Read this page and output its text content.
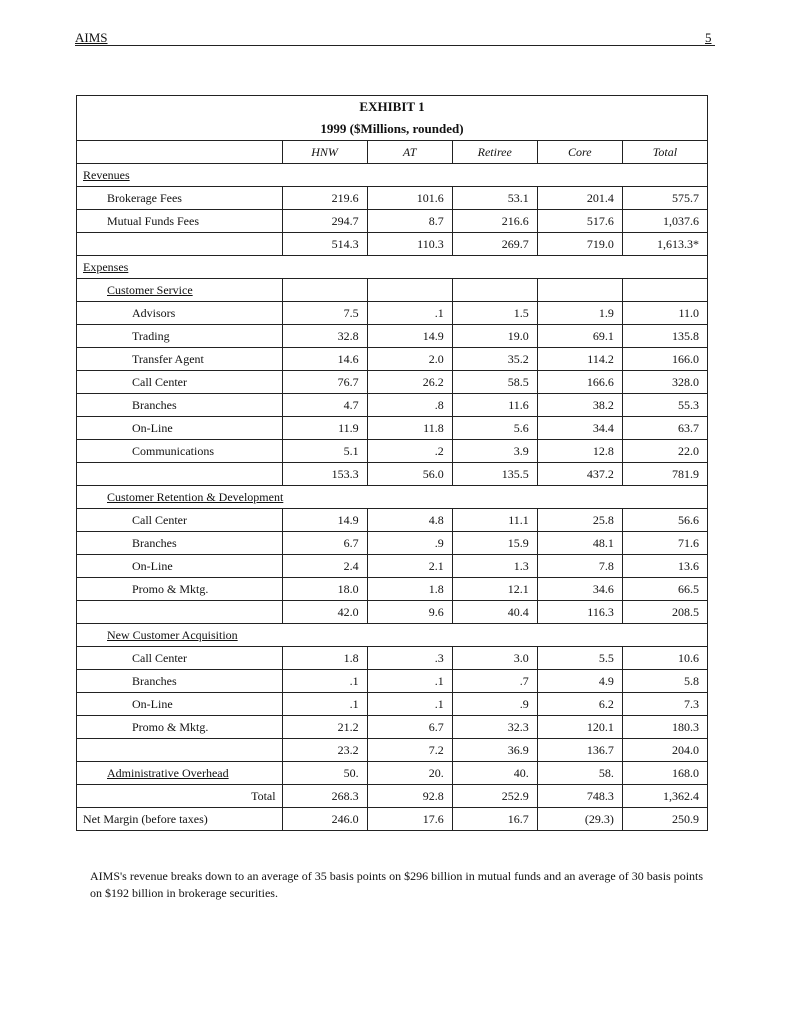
AIMS	5
EXHIBIT 1					
1999 ($Millions, rounded)					
	HNW	AT	Retiree	Core	Total
Revenues					
Brokerage Fees	219.6	101.6	53.1	201.4	575.7
Mutual Funds Fees	294.7	8.7	216.6	517.6	1,037.6
	514.3	110.3	269.7	719.0	1,613.3*
Expenses					
Customer Service					
Advisors	7.5	.1	1.5	1.9	11.0
Trading	32.8	14.9	19.0	69.1	135.8
Transfer Agent	14.6	2.0	35.2	114.2	166.0
Call Center	76.7	26.2	58.5	166.6	328.0
Branches	4.7	.8	11.6	38.2	55.3
On-Line	11.9	11.8	5.6	34.4	63.7
Communications	5.1	.2	3.9	12.8	22.0
	153.3	56.0	135.5	437.2	781.9
Customer Retention & Development					
Call Center	14.9	4.8	11.1	25.8	56.6
Branches	6.7	.9	15.9	48.1	71.6
On-Line	2.4	2.1	1.3	7.8	13.6
Promo & Mktg.	18.0	1.8	12.1	34.6	66.5
	42.0	9.6	40.4	116.3	208.5
New Customer Acquisition					
Call Center	1.8	.3	3.0	5.5	10.6
Branches	.1	.1	.7	4.9	5.8
On-Line	.1	.1	.9	6.2	7.3
Promo & Mktg.	21.2	6.7	32.3	120.1	180.3
	23.2	7.2	36.9	136.7	204.0
Administrative Overhead	50.	20.	40.	58.	168.0
Total	268.3	92.8	252.9	748.3	1,362.4
Net Margin (before taxes)	246.0	17.6	16.7	(29.3)	250.9
AIMS's revenue breaks down to an average of 35 basis points on $296 billion in mutual funds and an average of 30 basis points on $192 billion in brokerage securities.
